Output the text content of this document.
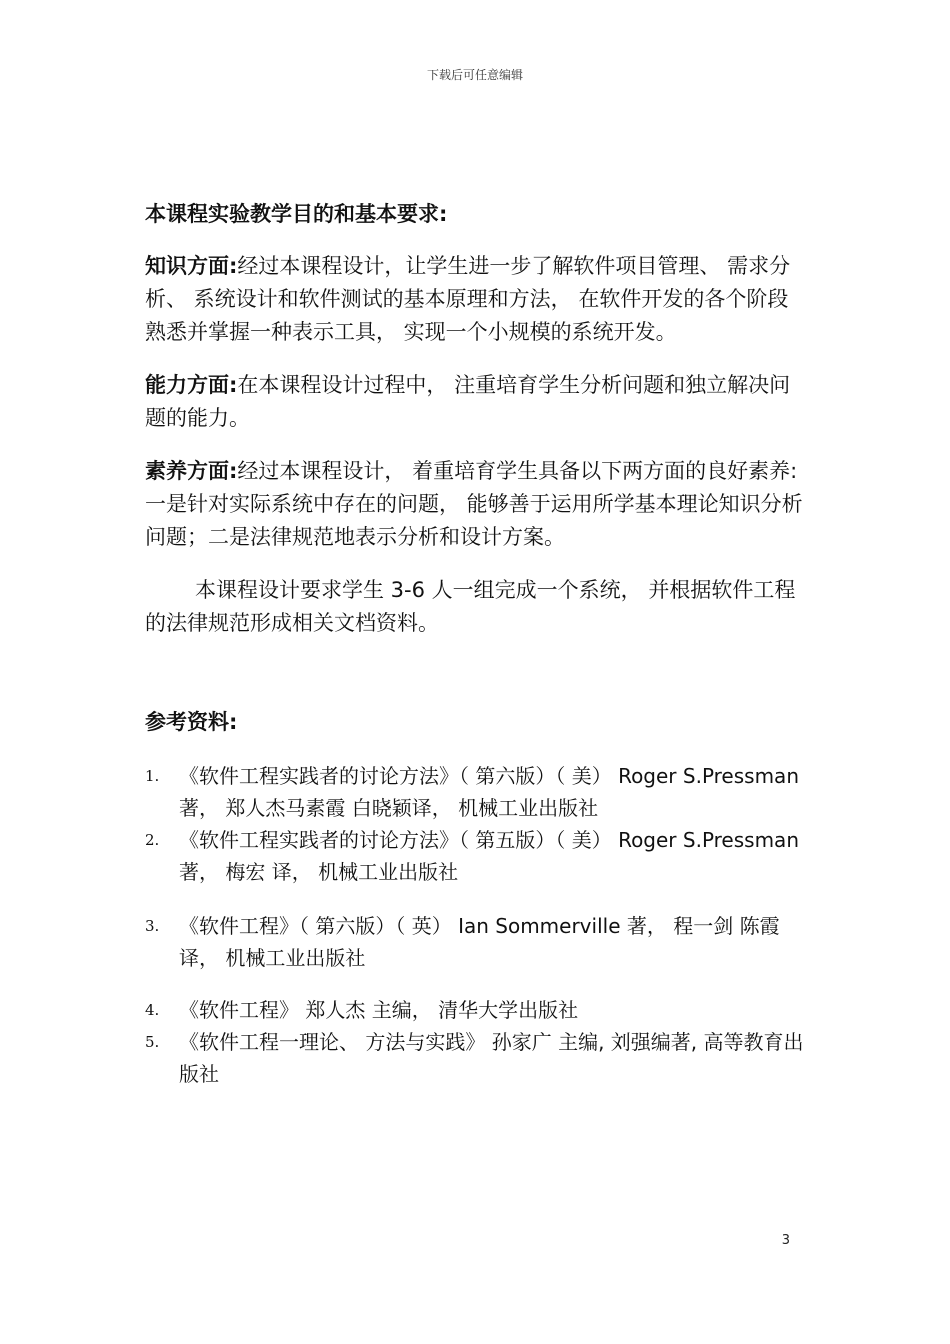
下载后可任意编辑

本课程实验教学目的和基本要求:

知识方面:经过本课程设计，让学生进一步了解软件项目管理、 需求分析、 系统设计和软件测试的基本原理和方法， 在软件开发的各个阶段熟悉并掌握一种表示工具， 实现一个小规模的系统开发。

能力方面:在本课程设计过程中， 注重培育学生分析问题和独立解决问题的能力。

素养方面:经过本课程设计， 着重培育学生具备以下两方面的良好素养:一是针对实际系统中存在的问题， 能够善于运用所学基本理论知识分析问题；二是法律规范地表示分析和设计方案。

本课程设计要求学生 3-6 人一组完成一个系统， 并根据软件工程的法律规范形成相关文档资料。

参考资料:
1. 《软件工程实践者的讨论方法》（ 第六版）（ 美） Roger S.Pressman 著， 郑人杰马素霞 白晓颖译， 机械工业出版社
2. 《软件工程实践者的讨论方法》（ 第五版）（ 美） Roger S.Pressman 著， 梅宏 译， 机械工业出版社
3. 《软件工程》（ 第六版）（ 英） Ian Sommerville 著， 程一剑 陈霞译， 机械工业出版社
4. 《软件工程》 郑人杰 主编， 清华大学出版社
5. 《软件工程一理论、 方法与实践》 孙家广 主编, 刘强编著, 高等教育出版社
3
